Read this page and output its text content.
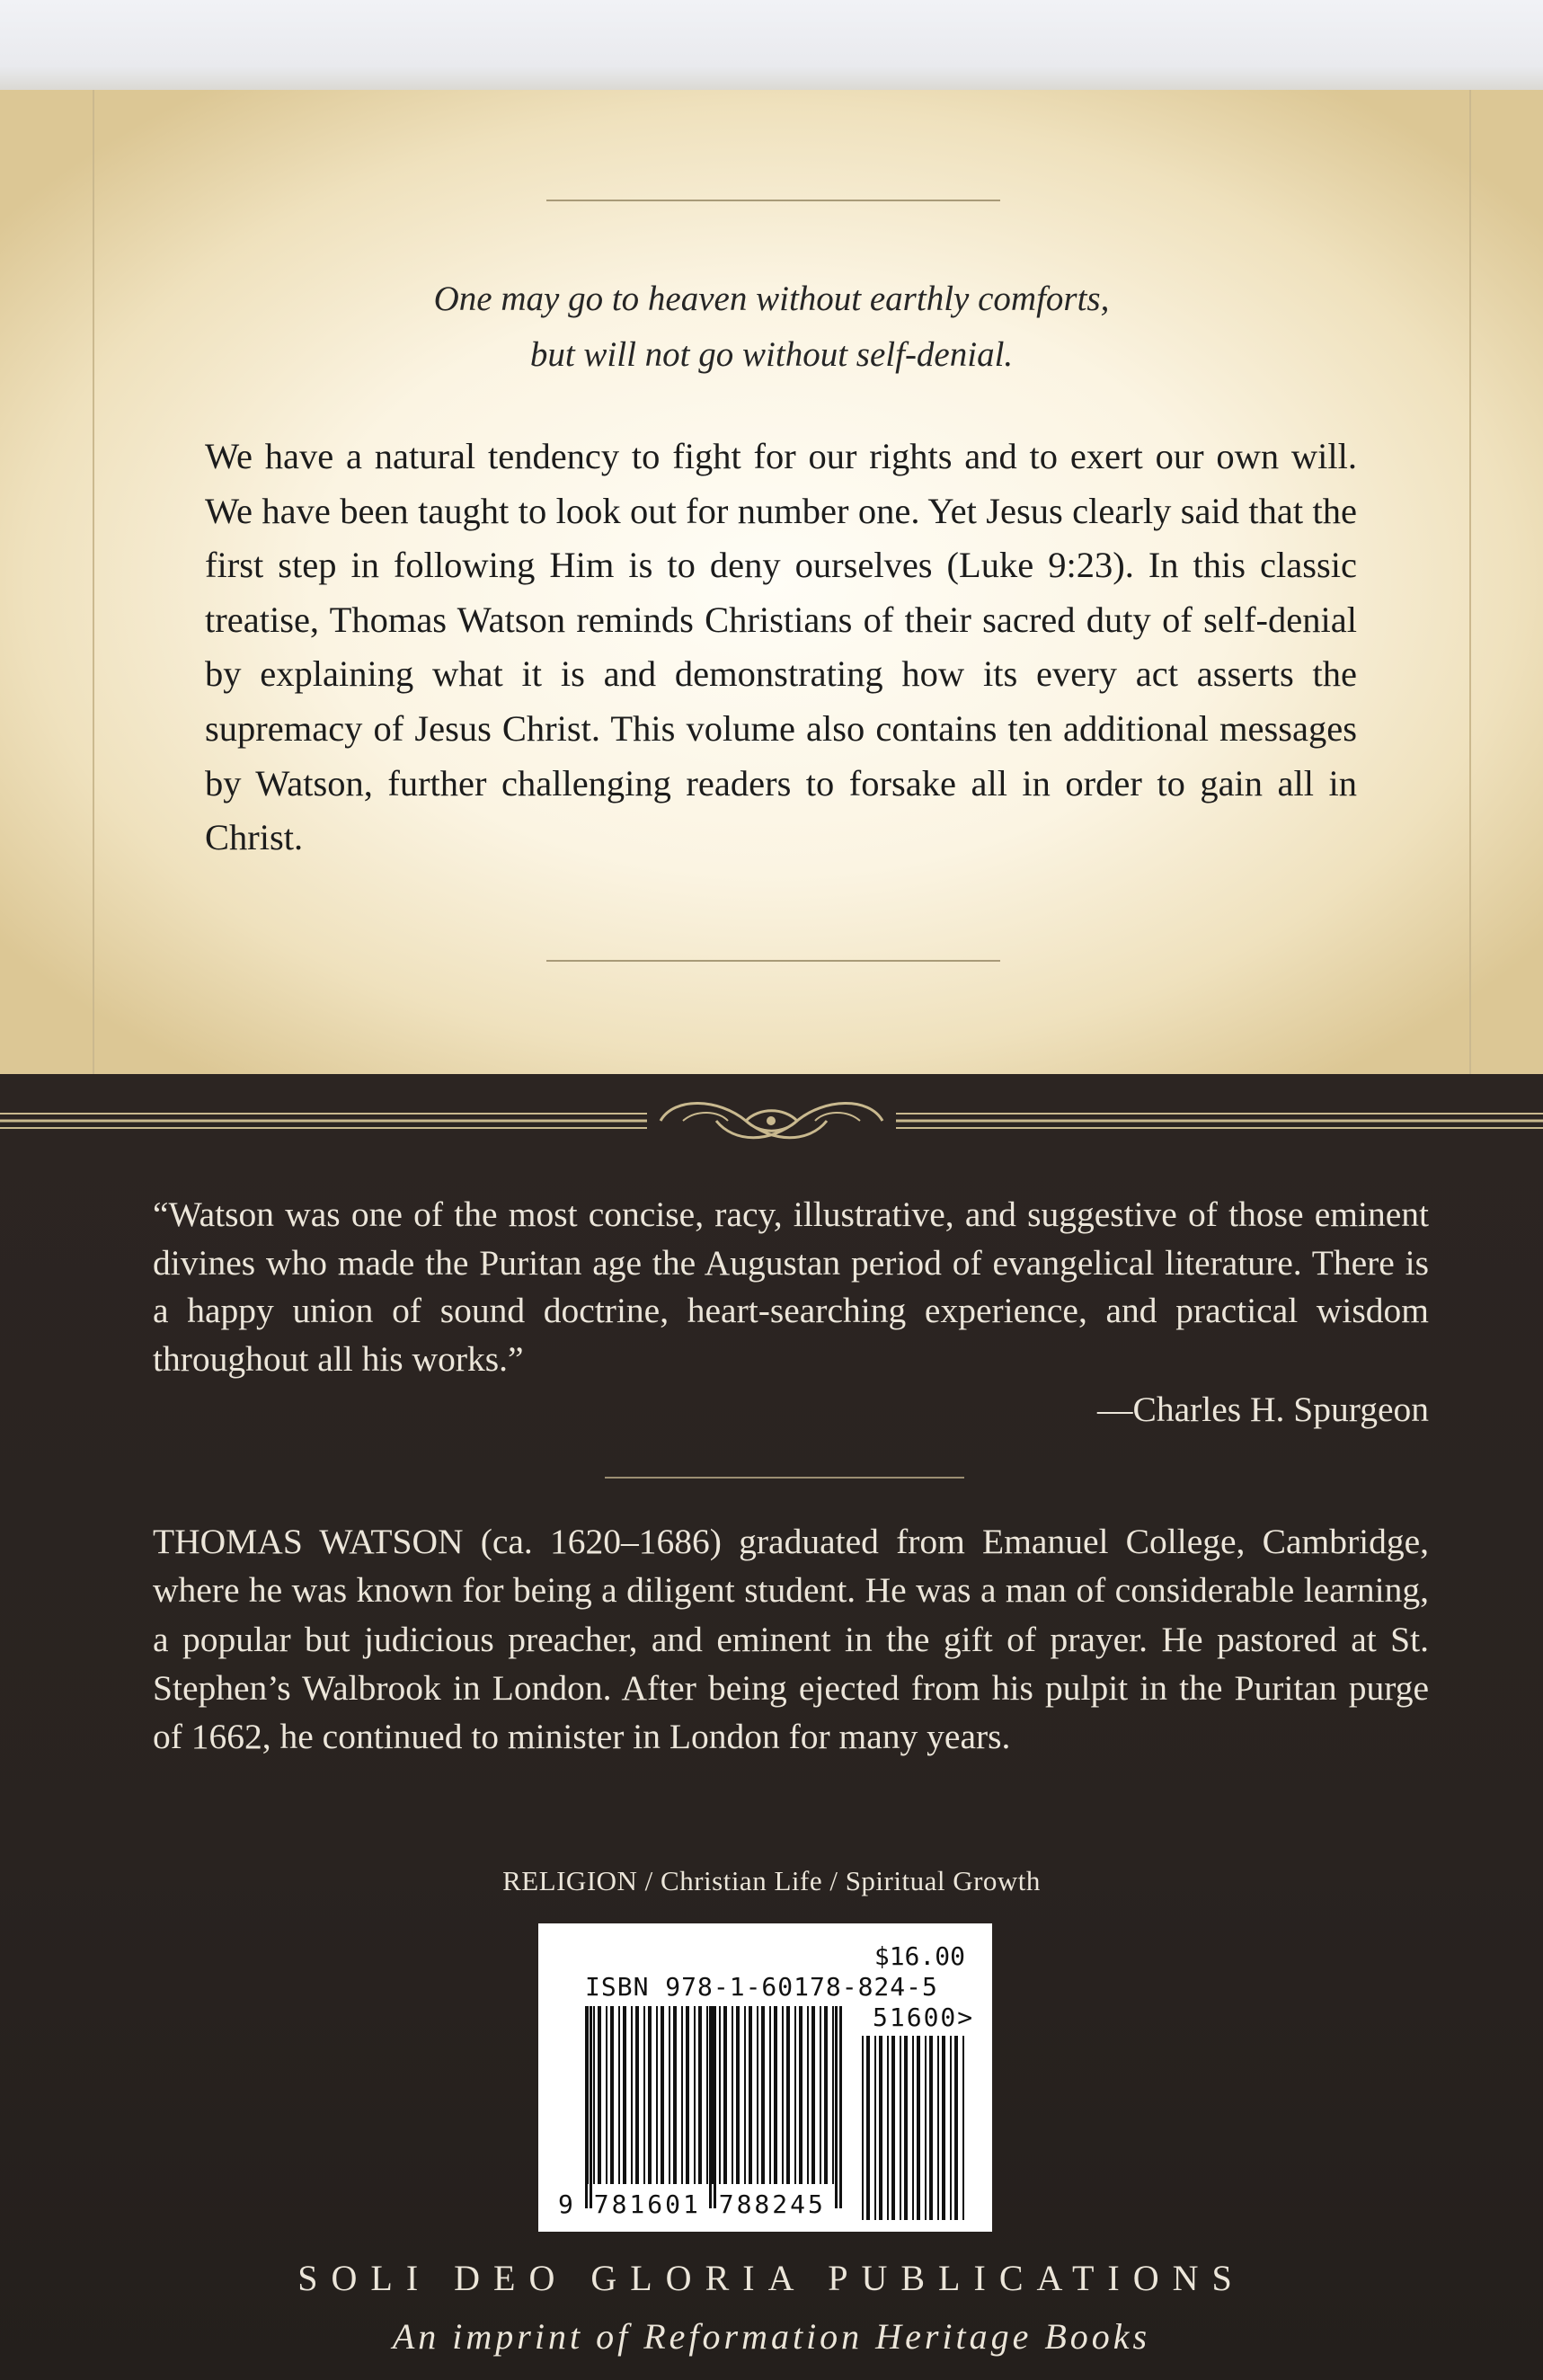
One may go to heaven without earthly comforts,
but will not go without self-denial.

We have a natural tendency to fight for our rights and to exert our own will. We have been taught to look out for number one. Yet Jesus clearly said that the first step in following Him is to deny ourselves (Luke 9:23). In this classic treatise, Thomas Watson reminds Christians of their sacred duty of self-denial by explaining what it is and demonstrating how its every act asserts the supremacy of Jesus Christ. This volume also contains ten additional messages by Watson, further challenging readers to forsake all in order to gain all in Christ.

“Watson was one of the most concise, racy, illustrative, and suggestive of those eminent divines who made the Puritan age the Augustan period of evangelical literature. There is a happy union of sound doctrine, heart-searching experience, and practical wisdom throughout all his works.”

—Charles H. Spurgeon

THOMAS WATSON (ca. 1620–1686) graduated from Emanuel College, Cambridge, where he was known for being a diligent student. He was a man of considerable learning, a popular but judicious preacher, and eminent in the gift of prayer. He pastored at St. Stephen’s Walbrook in London. After being ejected from his pulpit in the Puritan purge of 1662, he continued to minister in London for many years.

RELIGION / Christian Life / Spiritual Growth
$16.00
ISBN 978-1-60178-824-5
51600>
9 781601 788245
SOLI DEO GLORIA PUBLICATIONS
An imprint of Reformation Heritage Books
